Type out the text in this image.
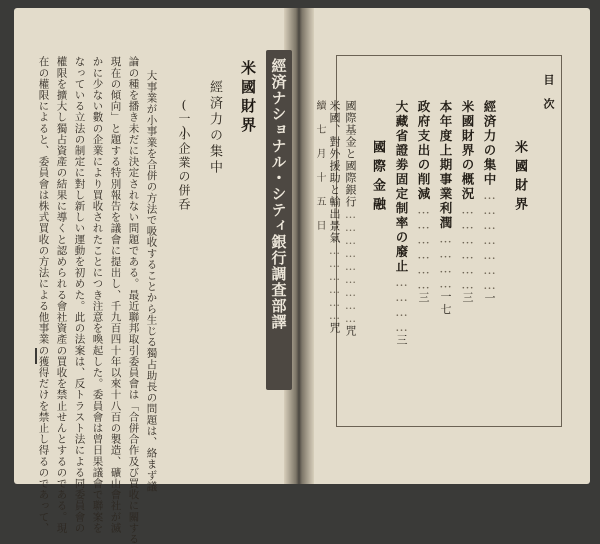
米國財界
經済力の集中
(一)
小企業の併呑
大事業が小事業を合併の方法で吸收することから生じる獨占助長の問題は、絡まず議
論の種を播き未だに決定されない問題である。最近聯邦取引委員會は「合併合作及び買收に關する
現在の傾向」と題する特別報告を議會に提出し、千九百四十年以來十八百の製造、礦山會社が滅
かに少ない數の企業により買收されたことにつき注意を喚起した。委員會は曾日果議會で聯案を
なっている立法の制定に對し新しい運動を初めた。此の法案は、反トラスト法による同委員會の
權限を擴大し獨占資產の結果に導くと認められる會社資產の買收を禁止せんとするのである。現
在の權限によると、委員會は株式買收の方法による他事業の獲得だけを禁止し得るのであって、	經済ナショナル・シティ銀行調査部譯	目
次
米國財界
經済力の集中…………………一
米國財界の概況………………三
本年度上期事業利潤…………一七
政府支出の削減………………三
大藏省證劵固定制率の廢止…………三
國際金融
國際基金と國際銀行………………………咒
米國、對外援助と輸出景氣………………咒
續　七　月　十　五　日
